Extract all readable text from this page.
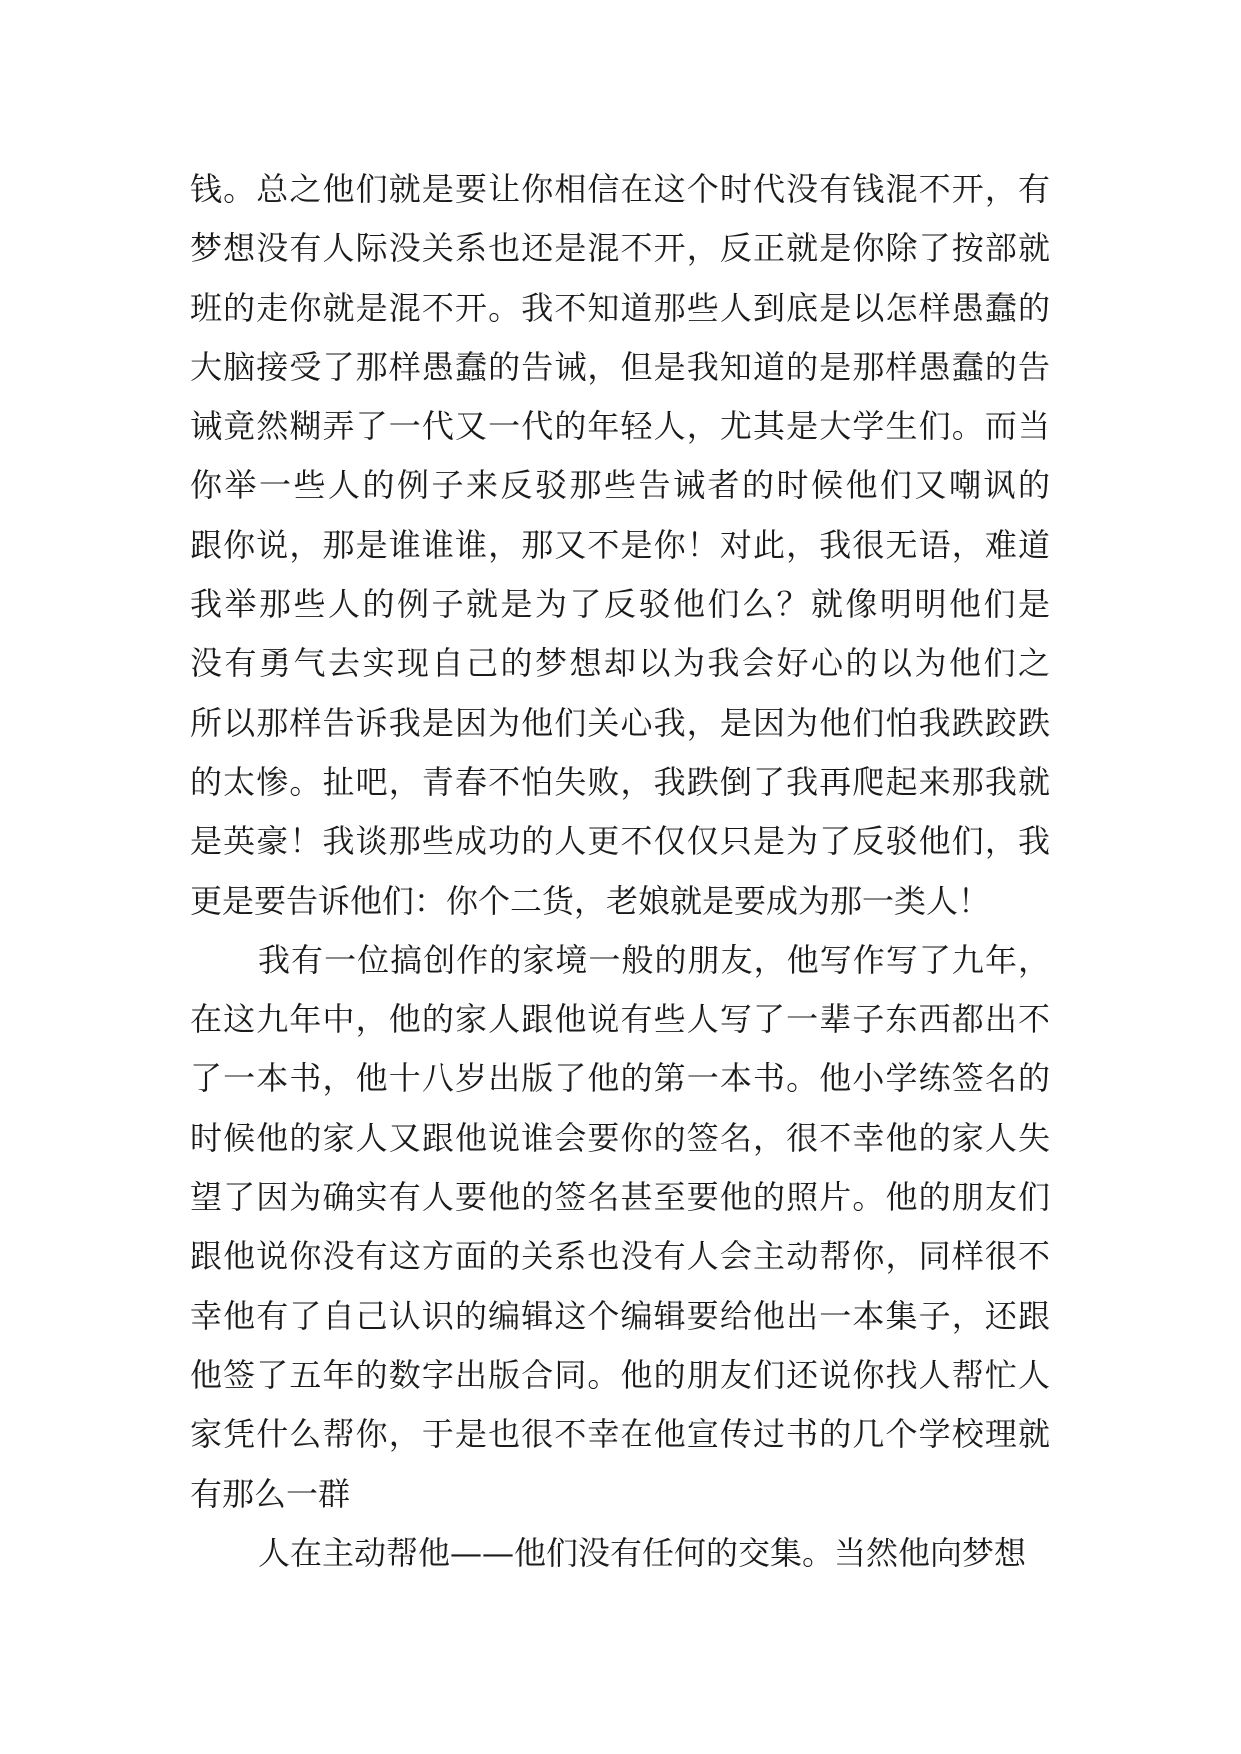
钱。总之他们就是要让你相信在这个时代没有钱混不开，有
梦想没有人际没关系也还是混不开，反正就是你除了按部就
班的走你就是混不开。我不知道那些人到底是以怎样愚蠢的
大脑接受了那样愚蠢的告诫，但是我知道的是那样愚蠢的告
诫竟然糊弄了一代又一代的年轻人，尤其是大学生们。而当
你举一些人的例子来反驳那些告诫者的时候他们又嘲讽的
跟你说，那是谁谁谁，那又不是你！对此，我很无语，难道
我举那些人的例子就是为了反驳他们么？就像明明他们是
没有勇气去实现自己的梦想却以为我会好心的以为他们之
所以那样告诉我是因为他们关心我，是因为他们怕我跌跤跌
的太惨。扯吧，青春不怕失败，我跌倒了我再爬起来那我就
是英豪！我谈那些成功的人更不仅仅只是为了反驳他们，我
更是要告诉他们：你个二货，老娘就是要成为那一类人！
我有一位搞创作的家境一般的朋友，他写作写了九年，
在这九年中，他的家人跟他说有些人写了一辈子东西都出不
了一本书，他十八岁出版了他的第一本书。他小学练签名的
时候他的家人又跟他说谁会要你的签名，很不幸他的家人失
望了因为确实有人要他的签名甚至要他的照片。他的朋友们
跟他说你没有这方面的关系也没有人会主动帮你，同样很不
幸他有了自己认识的编辑这个编辑要给他出一本集子，还跟
他签了五年的数字出版合同。他的朋友们还说你找人帮忙人
家凭什么帮你，于是也很不幸在他宣传过书的几个学校理就
有那么一群
人在主动帮他——他们没有任何的交集。当然他向梦想
